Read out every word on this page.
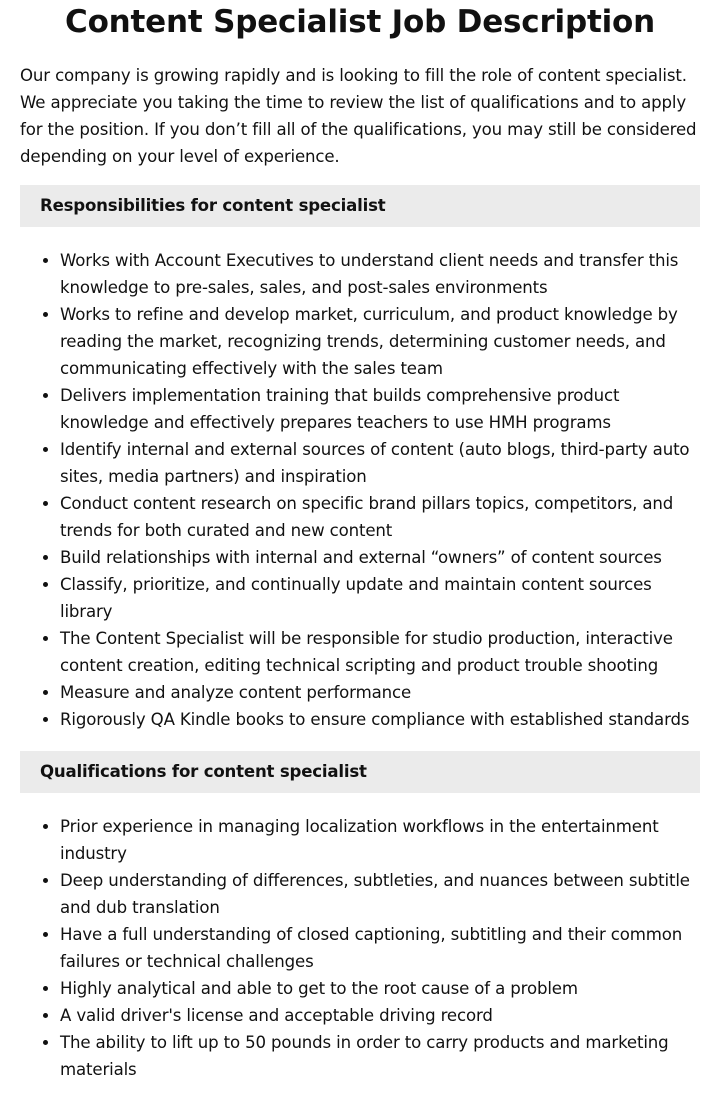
Content Specialist Job Description

Our company is growing rapidly and is looking to fill the role of content specialist. We appreciate you taking the time to review the list of qualifications and to apply for the position. If you don’t fill all of the qualifications, you may still be considered depending on your level of experience.

Responsibilities for content specialist
• Works with Account Executives to understand client needs and transfer this knowledge to pre-sales, sales, and post-sales environments
• Works to refine and develop market, curriculum, and product knowledge by reading the market, recognizing trends, determining customer needs, and communicating effectively with the sales team
• Delivers implementation training that builds comprehensive product knowledge and effectively prepares teachers to use HMH programs
• Identify internal and external sources of content (auto blogs, third-party auto sites, media partners) and inspiration
• Conduct content research on specific brand pillars topics, competitors, and trends for both curated and new content
• Build relationships with internal and external “owners” of content sources
• Classify, prioritize, and continually update and maintain content sources library
• The Content Specialist will be responsible for studio production, interactive content creation, editing technical scripting and product trouble shooting
• Measure and analyze content performance
• Rigorously QA Kindle books to ensure compliance with established standards
Qualifications for content specialist
• Prior experience in managing localization workflows in the entertainment industry
• Deep understanding of differences, subtleties, and nuances between subtitle and dub translation
• Have a full understanding of closed captioning, subtitling and their common failures or technical challenges
• Highly analytical and able to get to the root cause of a problem
• A valid driver's license and acceptable driving record
• The ability to lift up to 50 pounds in order to carry products and marketing materials
